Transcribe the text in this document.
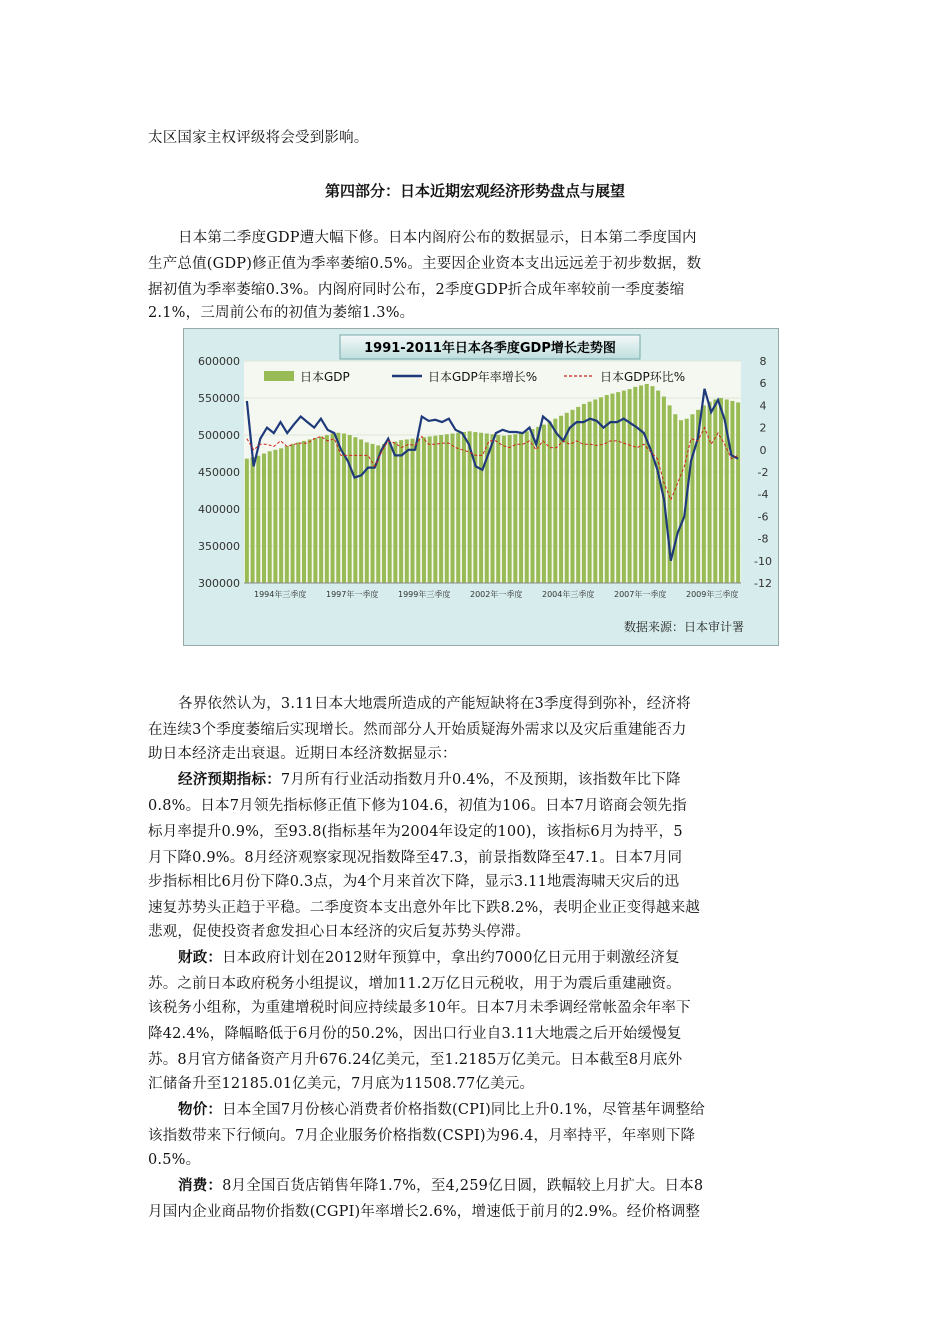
太区国家主权评级将会受到影响。
第四部分：日本近期宏观经济形势盘点与展望
日本第二季度GDP遭大幅下修。日本内阁府公布的数据显示，日本第二季度国内
生产总值(GDP)修正值为季率萎缩0.5%。主要因企业资本支出远远差于初步数据，数
据初值为季率萎缩0.3%。内阁府同时公布，2季度GDP折合成年率较前一季度萎缩
2.1%，三周前公布的初值为萎缩1.3%。
1991-2011年日本各季度GDP增长走势图
600000
550000
500000
450000
400000
350000
300000
8
6
4
2
0
-2
-4
-6
-8
-10
-12
1994年三季度 1997年一季度 1999年三季度 2002年一季度 2004年三季度 2007年一季度 2009年三季度
日本GDP	日本GDP年率增长%	日本GDP环比%
数据来源：日本审计署
各界依然认为，3.11日本大地震所造成的产能短缺将在3季度得到弥补，经济将
在连续3个季度萎缩后实现增长。然而部分人开始质疑海外需求以及灾后重建能否力
助日本经济走出衰退。近期日本经济数据显示：
经济预期指标：7月所有行业活动指数月升0.4%，不及预期，该指数年比下降
0.8%。日本7月领先指标修正值下修为104.6，初值为106。日本7月谘商会领先指
标月率提升0.9%，至93.8(指标基年为2004年设定的100)，该指标6月为持平，5
月下降0.9%。8月经济观察家现况指数降至47.3，前景指数降至47.1。日本7月同
步指标相比6月份下降0.3点，为4个月来首次下降，显示3.11地震海啸天灾后的迅
速复苏势头正趋于平稳。二季度资本支出意外年比下跌8.2%，表明企业正变得越来越
悲观，促使投资者愈发担心日本经济的灾后复苏势头停滞。
财政：日本政府计划在2012财年预算中，拿出约7000亿日元用于刺激经济复
苏。之前日本政府税务小组提议，增加11.2万亿日元税收，用于为震后重建融资。
该税务小组称，为重建增税时间应持续最多10年。日本7月未季调经常帐盈余年率下
降42.4%，降幅略低于6月份的50.2%，因出口行业自3.11大地震之后开始缓慢复
苏。8月官方储备资产月升676.24亿美元，至1.2185万亿美元。日本截至8月底外
汇储备升至12185.01亿美元，7月底为11508.77亿美元。
物价：日本全国7月份核心消费者价格指数(CPI)同比上升0.1%，尽管基年调整给
该指数带来下行倾向。7月企业服务价格指数(CSPI)为96.4，月率持平，年率则下降
0.5%。
消费：8月全国百货店销售年降1.7%，至4,259亿日圆，跌幅较上月扩大。日本8
月国内企业商品物价指数(CGPI)年率增长2.6%，增速低于前月的2.9%。经价格调整
